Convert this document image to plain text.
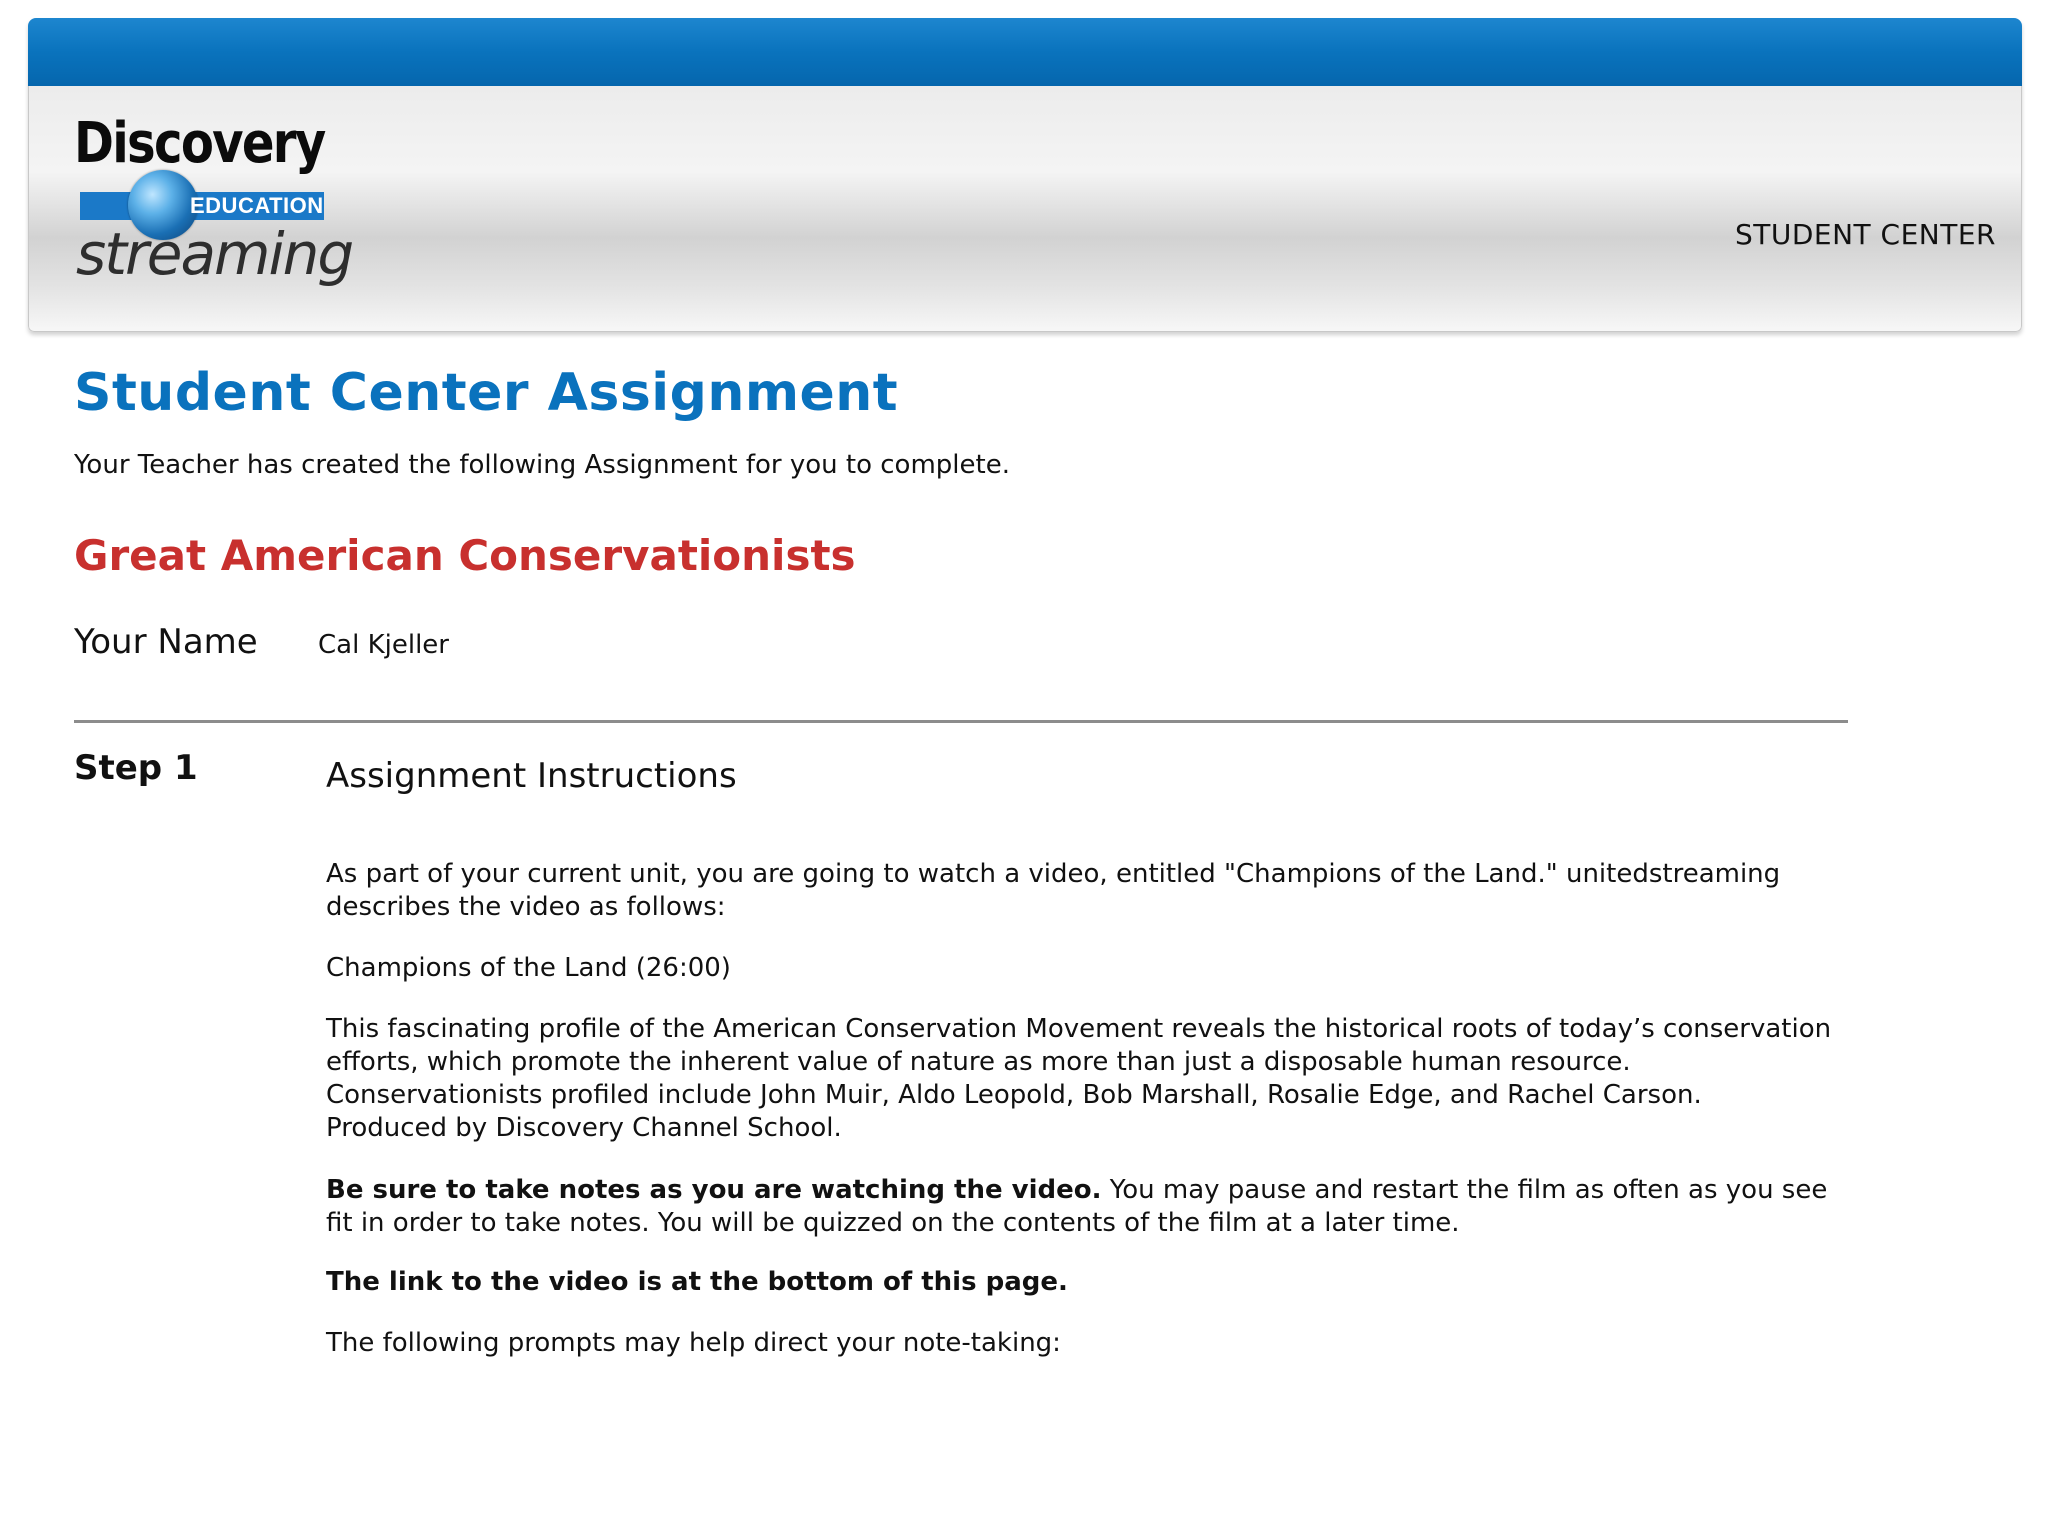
Discovery
EDUCATION
streaming	STUDENT CENTER
Student Center Assignment
Your Teacher has created the following Assignment for you to complete.
Great American Conservationists
Your Name Cal Kjeller
Step 1	Assignment Instructions

As part of your current unit, you are going to watch a video, entitled "Champions of the Land." unitedstreaming describes the video as follows:

Champions of the Land (26:00)

This fascinating profile of the American Conservation Movement reveals the historical roots of today’s conservation efforts, which promote the inherent value of nature as more than just a disposable human resource. Conservationists profiled include John Muir, Aldo Leopold, Bob Marshall, Rosalie Edge, and Rachel Carson.
Produced by Discovery Channel School.

Be sure to take notes as you are watching the video. You may pause and restart the film as often as you see fit in order to take notes. You will be quizzed on the contents of the film at a later time.

The link to the video is at the bottom of this page.

The following prompts may help direct your note-taking:
